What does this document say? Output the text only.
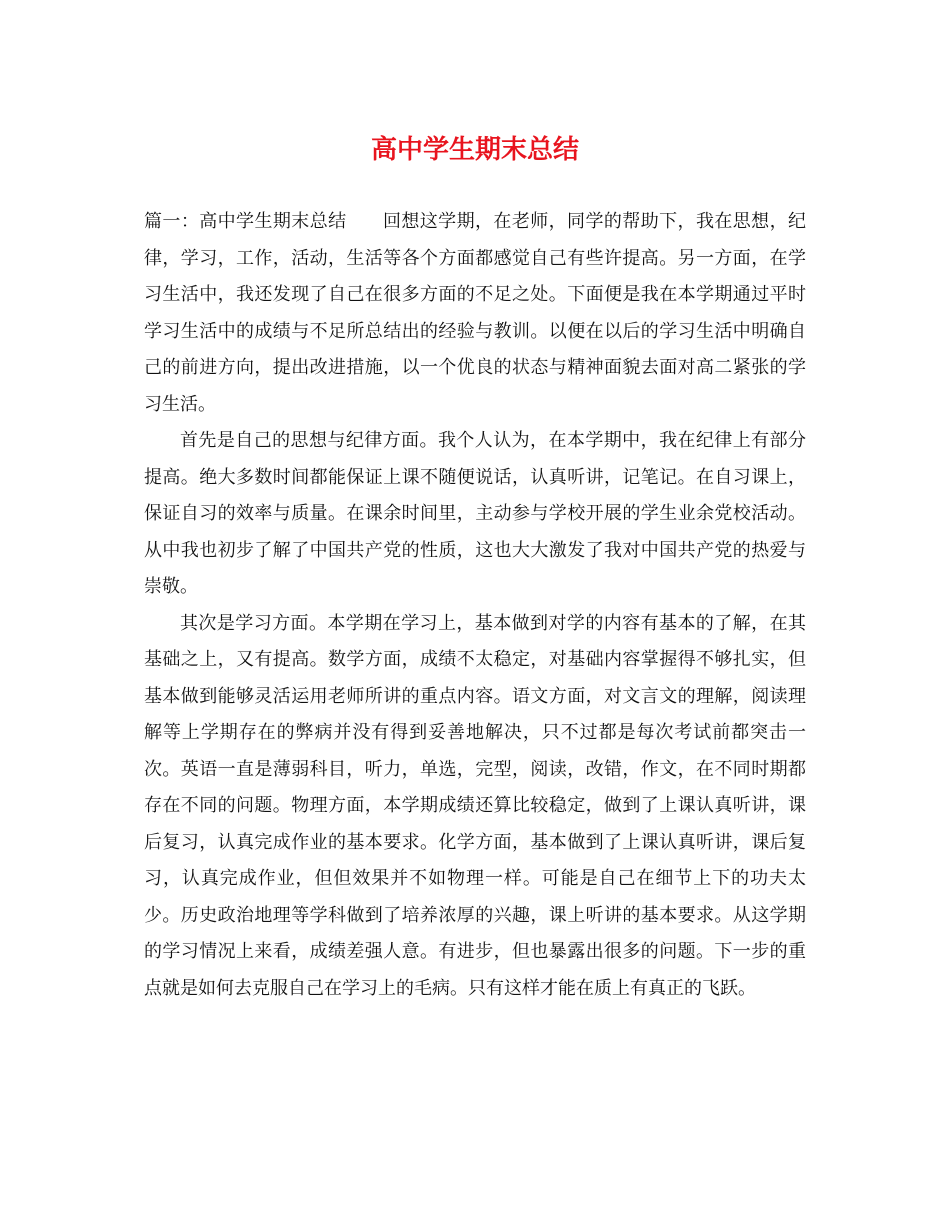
高中学生期末总结

篇一：高中学生期末总结 回想这学期，在老师，同学的帮助下，我在思想，纪律，学习，工作，活动，生活等各个方面都感觉自己有些许提高。另一方面，在学习生活中，我还发现了自己在很多方面的不足之处。下面便是我在本学期通过平时学习生活中的成绩与不足所总结出的经验与教训。以便在以后的学习生活中明确自己的前进方向，提出改进措施，以一个优良的状态与精神面貌去面对高二紧张的学习生活。

首先是自己的思想与纪律方面。我个人认为，在本学期中，我在纪律上有部分提高。绝大多数时间都能保证上课不随便说话，认真听讲，记笔记。在自习课上，保证自习的效率与质量。在课余时间里，主动参与学校开展的学生业余党校活动。从中我也初步了解了中国共产党的性质，这也大大激发了我对中国共产党的热爱与崇敬。

其次是学习方面。本学期在学习上，基本做到对学的内容有基本的了解，在其基础之上，又有提高。数学方面，成绩不太稳定，对基础内容掌握得不够扎实，但基本做到能够灵活运用老师所讲的重点内容。语文方面，对文言文的理解，阅读理解等上学期存在的弊病并没有得到妥善地解决，只不过都是每次考试前都突击一次。英语一直是薄弱科目，听力，单选，完型，阅读，改错，作文，在不同时期都存在不同的问题。物理方面，本学期成绩还算比较稳定，做到了上课认真听讲，课后复习，认真完成作业的基本要求。化学方面，基本做到了上课认真听讲，课后复习，认真完成作业，但但效果并不如物理一样。可能是自己在细节上下的功夫太少。历史政治地理等学科做到了培养浓厚的兴趣，课上听讲的基本要求。从这学期的学习情况上来看，成绩差强人意。有进步，但也暴露出很多的问题。下一步的重点就是如何去克服自己在学习上的毛病。只有这样才能在质上有真正的飞跃。
